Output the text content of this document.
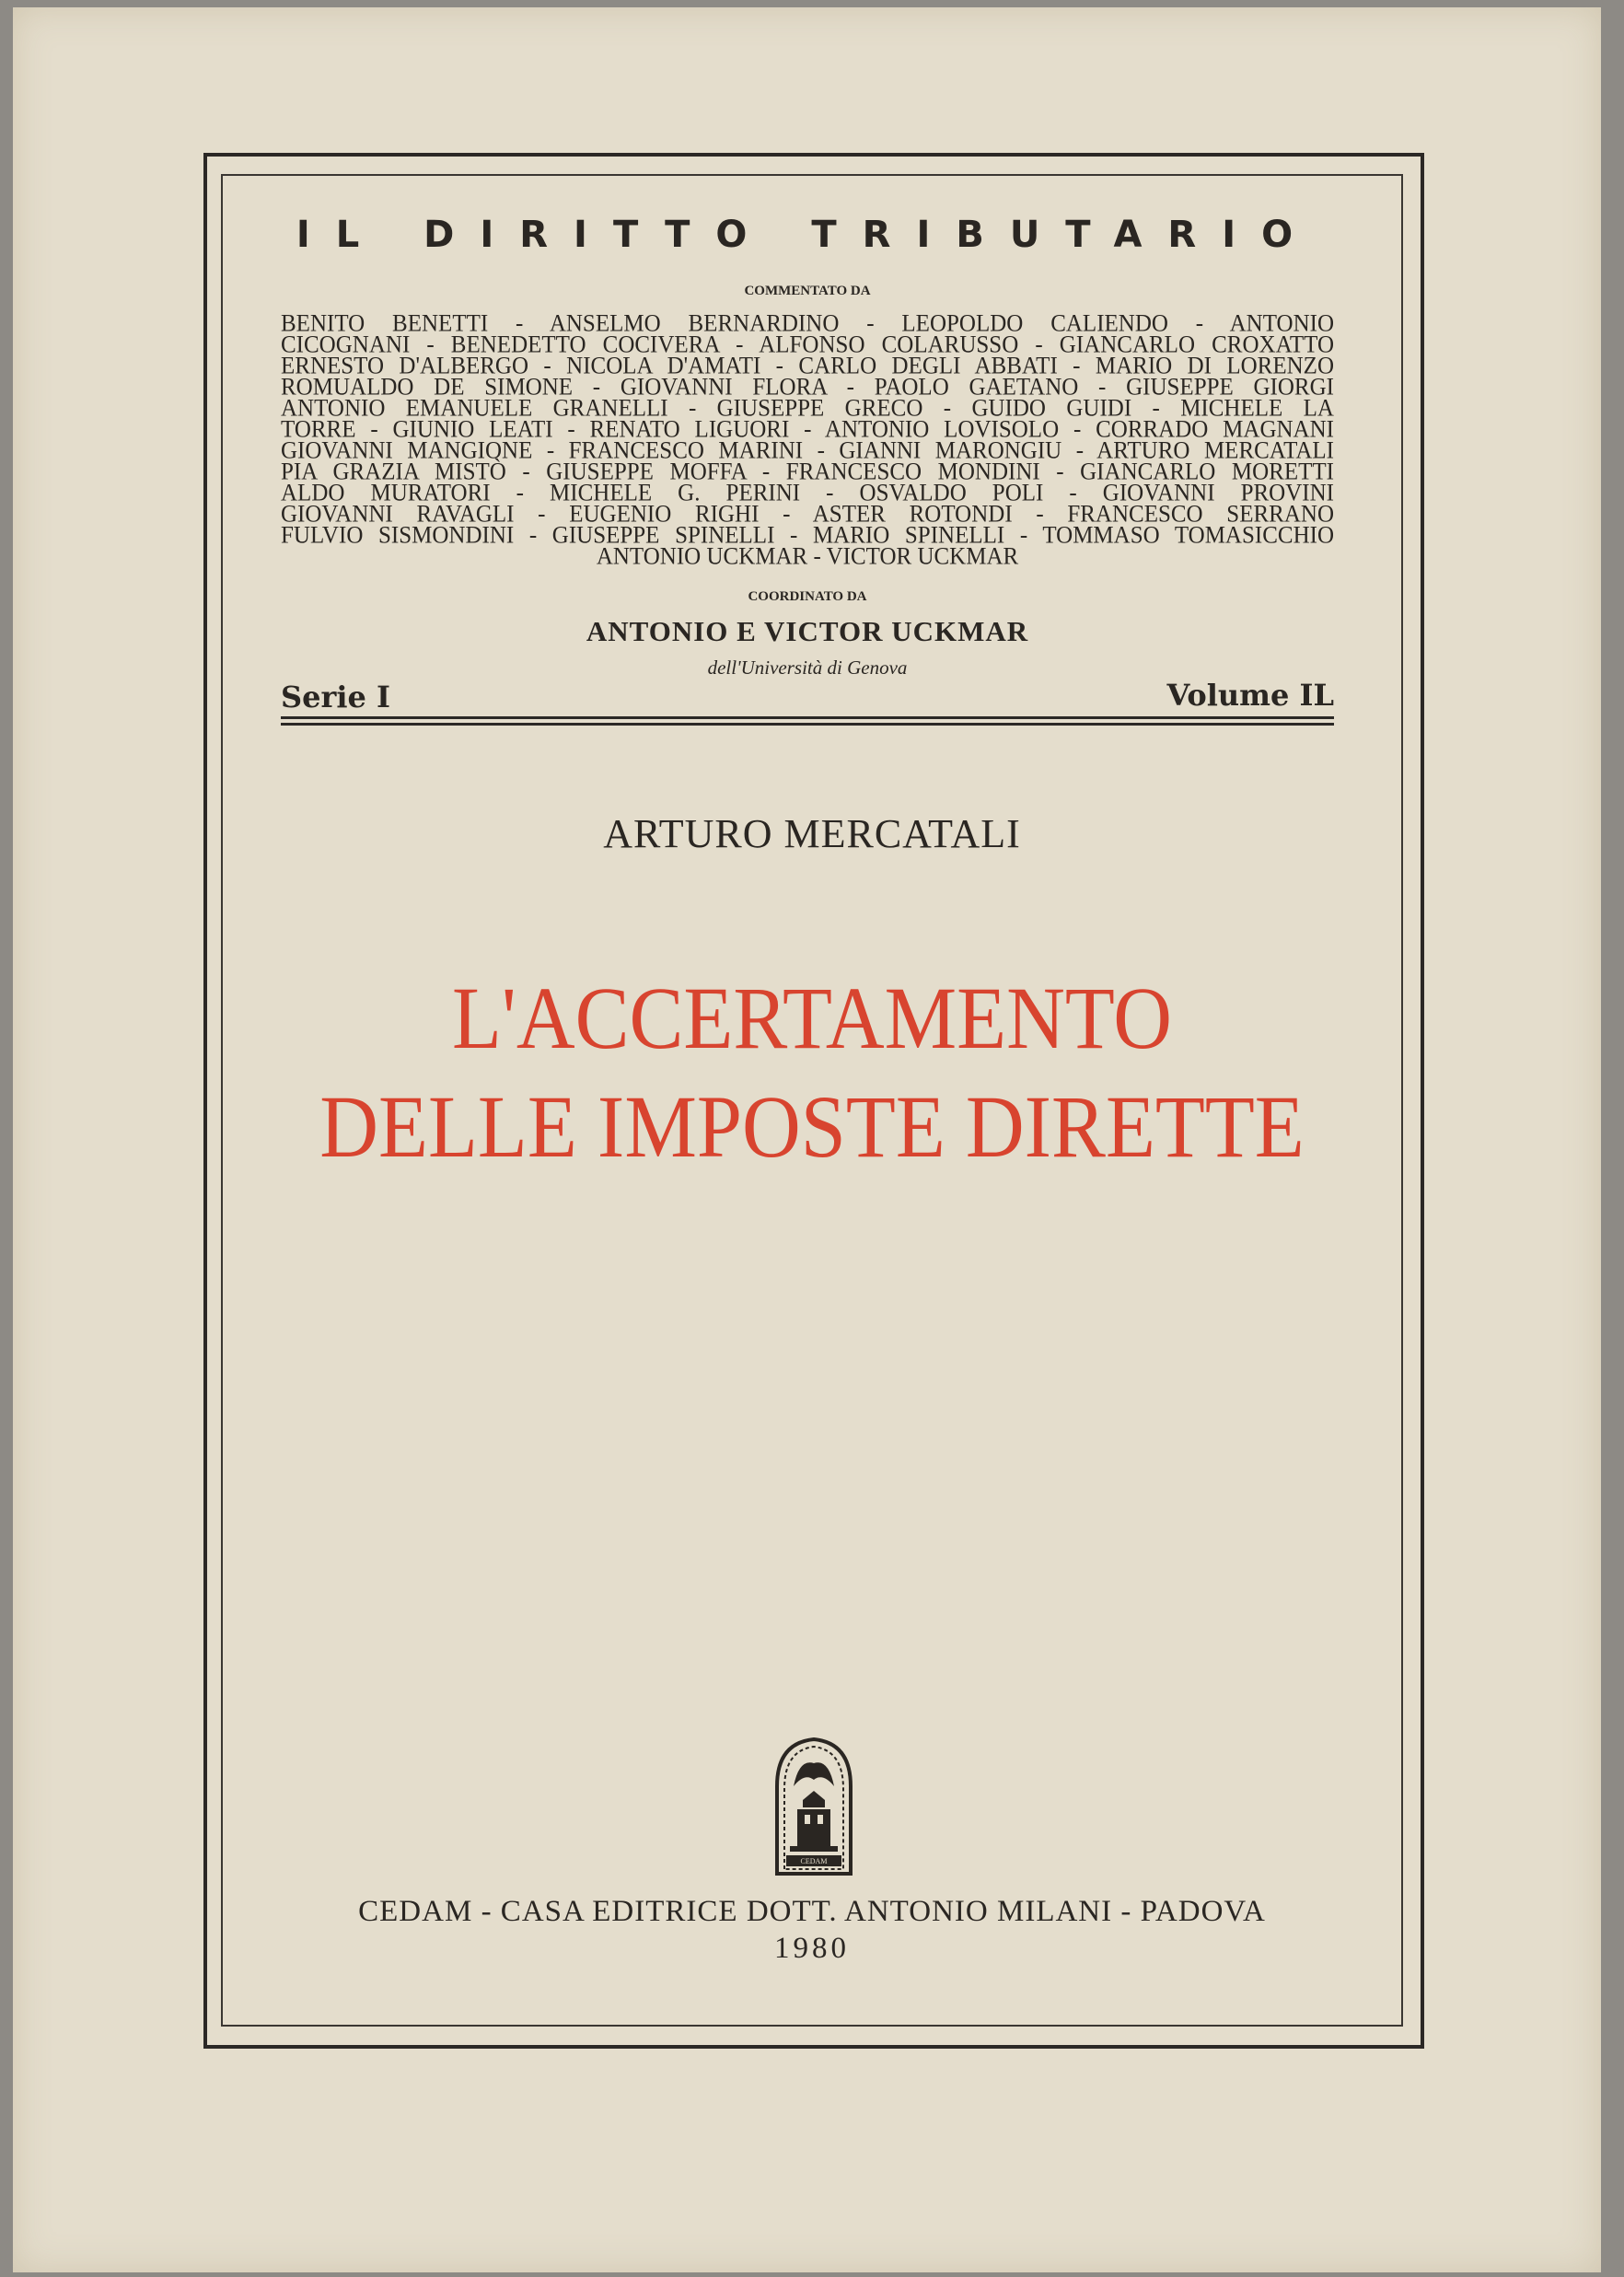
IL DIRITTO TRIBUTARIO
COMMENTATO DA
BENITO BENETTI - ANSELMO BERNARDINO - LEOPOLDO CALIENDO - ANTONIO
CICOGNANI - BENEDETTO COCIVERA - ALFONSO COLARUSSO - GIANCARLO CROXATTO
ERNESTO D'ALBERGO - NICOLA D'AMATI - CARLO DEGLI ABBATI - MARIO DI LORENZO
ROMUALDO DE SIMONE - GIOVANNI FLORA - PAOLO GAETANO - GIUSEPPE GIORGI
ANTONIO EMANUELE GRANELLI - GIUSEPPE GRECO - GUIDO GUIDI - MICHELE LA
TORRE - GIUNIO LEATI - RENATO LIGUORI - ANTONIO LOVISOLO - CORRADO MAGNANI
GIOVANNI MANGIONE - FRANCESCO MARINI - GIANNI MARONGIU - ARTURO MERCATALI
PIA GRAZIA MISTÒ - GIUSEPPE MOFFA - FRANCESCO MONDINI - GIANCARLO MORETTI
ALDO MURATORI - MICHELE G. PERINI - OSVALDO POLI - GIOVANNI PROVINI
GIOVANNI RAVAGLI - EUGENIO RIGHI - ASTER ROTONDI - FRANCESCO SERRANO
FULVIO SISMONDINI - GIUSEPPE SPINELLI - MARIO SPINELLI - TOMMASO TOMASICCHIO
ANTONIO UCKMAR - VICTOR UCKMAR
COORDINATO DA
ANTONIO E VICTOR UCKMAR
dell'Università di Genova
Serie I	Volume IL
ARTURO MERCATALI
L'ACCERTAMENTO
DELLE IMPOSTE DIRETTE
CEDAM
CEDAM - CASA EDITRICE DOTT. ANTONIO MILANI - PADOVA
1980
